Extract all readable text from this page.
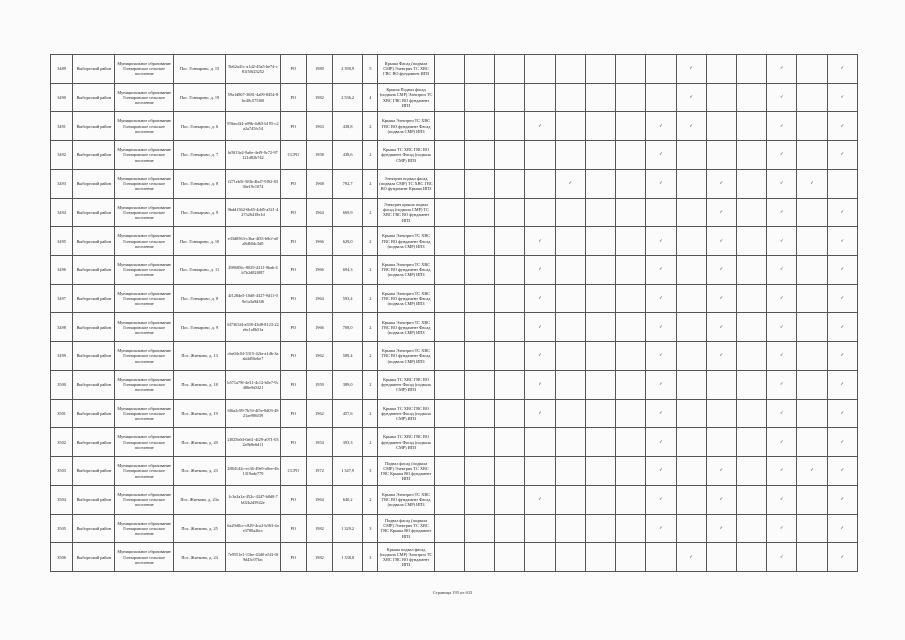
3489	Выборгский район	Муниципальное образование Гончаровское сельское поселение	Пос. Гончарово, д. 15	5b62a41c-a1d2-45a5-be74-c81f50f23252	РО	1980	2 390,9	5	Крыша Фасад (подвала СМР) Электрич ТС ХВС ГВС ВО фундамент ИПЗ									✓			✓		✓
3490	Выборгский район	Муниципальное образование Гончаровское сельское поселение	Пос. Гончарово, д. 19	59a1d867-3681-4a09-8454-8bc40c575f00	РО	1982	2 536,2	4	Крыша Подвал фасад (подвала СМР) Электрич ТС ХВС ГВС ВО фундамент ИПЗ									✓			✓		✓
3491	Выборгский район	Муниципальное образование Гончаровское сельское поселение	Пос. Гончарово, д. 6	95bec4f4-a99b-4d65-b195-c2a2a745fc54	РО	1963	438,8	2	Крыша Электрич ТС ХВС ГВС ВО фундамент Фасад (подвала СМР) ИПЗ				✓				✓	✓			✓		✓
3492	Выборгский район	Муниципальное образование Гончаровское сельское поселение	Пос. Гончарово, д. 7	bf9f13e2-9a6e-4ef9-9c72-97121d82b742	ССРО	1958	438,6	2	Крыша ТС ХВС ГВС ВО фундамент Фасад (подвала СМР) ИПЗ								✓				✓		✓
3493	Выборгский район	Муниципальное образование Гончаровское сельское поселение	Пос. Гончарово, д. 8	f271eb5f-5f0b-4bd7-9f92-8336e19c1074	РО	1968	792,7	2	Электрич подвал фасад (подвала СМР) ТС ХВС ГВС ВО фундамент Крыша ИПЗ					✓			✓		✓		✓	✓	
3494	Выборгский район	Муниципальное образование Гончаровское сельское поселение	Пос. Гончарово, д. 9	0bdd1362-6b65-4dd5-a521-427326418e1d	РО	1964	669,9	2	Электрич крыша подвал фасад (подвала СМР) ТС ХВС ГВС ВО фундамент ИПЗ										✓		✓		✓
3495	Выборгский район	Муниципальное образование Гончаровское сельское поселение	Пос. Гончарово, д. 10	e33d8563-c3ba-4f35-b8cf-a0a8d60dc3d0	РО	1966	629,0	2	Крыша Электрич ТС ХВС ГВС ВО фундамент Фасад (подвала СМР) ИПЗ				✓				✓		✓		✓		✓
3496	Выборгский район	Муниципальное образование Гончаровское сельское поселение	Пос. Гончарово, д. 11	298685fc-8029-4311-9bab-4b7b2d82f087	РО	1966	694,3	2	Крыша Электрич ТС ХВС ГВС ВО фундамент Фасад (подвала СМР) ИПЗ				✓				✓		✓		✓		✓
3497	Выборгский район	Муниципальное образование Гончаровское сельское поселение	Пос. Гончарово, д. 8	4f128de5-10d8-4327-9d11-09e1a3a9d3f6	РО	1964	593,4	2	Крыша Электрич ТС ХВС ГВС ВО фундамент Фасад (подвала СМР) ИПЗ				✓				✓		✓		✓		✓
3498	Выборгский район	Муниципальное образование Гончаровское сельское поселение	Пос. Гончарово, д. 9	6f7363f4-a558-43d8-8123-22ebc1a8b51a	РО	1966	708,0	2	Крыша Электрич ТС ХВС ГВС ВО фундамент Фасад (подвала СМР) ИПЗ				✓				✓		✓		✓		✓
3499	Выборгский район	Муниципальное образование Гончаровское сельское поселение	Пос. Житково, д. 13	cbe04c04-5315-42fa-a1db-3aab4d56ebe7	РО	1962	589,4	2	Крыша Электрич ТС ХВС ГВС ВО фундамент Фасад (подвала СМР) ИПЗ				✓				✓		✓		✓		✓
3500	Выборгский район	Муниципальное образование Гончаровское сельское поселение	Пос. Житково, д. 18	b571a79f-4e31-4c12-b0e7-9c486e9d3f21	РО	1959	389,0	2	Крыша ТС ХВС ГВС ВО фундамент Фасад (подвала СМР) ИПЗ				✓				✓				✓		✓
3501	Выборгский район	Муниципальное образование Гончаровское сельское поселение	Пос. Житково, д. 19	6f6a2c99-7b7d-4f5e-8d03-4921ae986f39	РО	1962	457,6	2	Крыша ТС ХВС ГВС ВО фундамент Фасад (подвала СМР) ИПЗ				✓				✓				✓		✓
3502	Выборгский район	Муниципальное образование Гончаровское сельское поселение	Пос. Житково, д. 20	2f025b04-0a61-4f29-a071-032a9b8e6d11	РО	1954	393,3	2	Крыша ТС ХВС ГВС ВО фундамент Фасад (подвала СМР) ИПЗ								✓				✓		✓
3503	Выборгский район	Муниципальное образование Гончаровское сельское поселение	Пос. Житково, д. 23	2884142c-ec36-49e9-a0ee-4b1319ade779	ССРО	1972	1 347,9	3	Подвал фасад (подвала СМР) Электрич ТС ХВС ГВС Крыша ВО фундамент ИПЗ								✓		✓		✓	✓	✓
3504	Выборгский район	Муниципальное образование Гончаровское сельское поселение	Пос. Житково, д. 23а	1c3e2a1a-452c-4347-b8d0-7b02b2d5942e	РО	1964	640,2	2	Крыша Электрич ТС ХВС ГВС ВО фундамент Фасад (подвала СМР) ИПЗ				✓				✓		✓		✓		✓
3505	Выборгский район	Муниципальное образование Гончаровское сельское поселение	Пос. Житково, д. 25	6a29d8cc-c829-4ca2-b363-4ae3780a2bcc	РО	1982	1 329,2	3	Подвал фасад (подвала СМР) Электрич ТС ХВС ГВС Крыша ВО фундамент ИПЗ								✓		✓		✓		✓
3506	Выборгский район	Муниципальное образование Гончаровское сельское поселение	Пос. Житково, д. 24	7e9551e1-11be-43d0-a5f3-0f9d43c07fac	РО	1982	1 338,8	3	Крыша подвал фасад (подвала СМР) Электрич ТС ХВС ГВС ВО фундамент ИПЗ									✓			✓		✓
Страница 195 из 633
